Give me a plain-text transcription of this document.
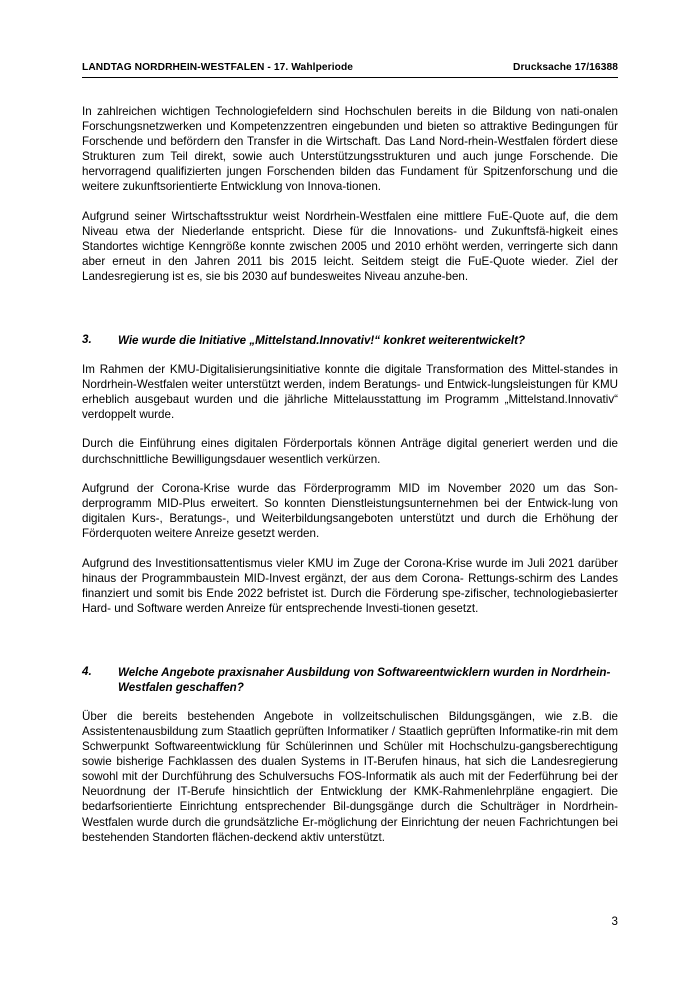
LANDTAG NORDRHEIN-WESTFALEN - 17. Wahlperiode	Drucksache 17/16388

In zahlreichen wichtigen Technologiefeldern sind Hochschulen bereits in die Bildung von nati-onalen Forschungsnetzwerken und Kompetenzzentren eingebunden und bieten so attraktive Bedingungen für Forschende und befördern den Transfer in die Wirtschaft. Das Land Nord-rhein-Westfalen fördert diese Strukturen zum Teil direkt, sowie auch Unterstützungsstrukturen und auch junge Forschende. Die hervorragend qualifizierten jungen Forschenden bilden das Fundament für Spitzenforschung und die weitere zukunftsorientierte Entwicklung von Innova-tionen.

Aufgrund seiner Wirtschaftsstruktur weist Nordrhein-Westfalen eine mittlere FuE-Quote auf, die dem Niveau etwa der Niederlande entspricht. Diese für die Innovations- und Zukunftsfä-higkeit eines Standortes wichtige Kenngröße konnte zwischen 2005 und 2010 erhöht werden, verringerte sich dann aber erneut in den Jahren 2011 bis 2015 leicht. Seitdem steigt die FuE-Quote wieder. Ziel der Landesregierung ist es, sie bis 2030 auf bundesweites Niveau anzuhe-ben.

3.	Wie wurde die Initiative „Mittelstand.Innovativ!“ konkret weiterentwickelt?

Im Rahmen der KMU-Digitalisierungsinitiative konnte die digitale Transformation des Mittel-standes in Nordrhein-Westfalen weiter unterstützt werden, indem Beratungs- und Entwick-lungsleistungen für KMU erheblich ausgebaut wurden und die jährliche Mittelausstattung im Programm „Mittelstand.Innovativ“ verdoppelt wurde.

Durch die Einführung eines digitalen Förderportals können Anträge digital generiert werden und die durchschnittliche Bewilligungsdauer wesentlich verkürzen.

Aufgrund der Corona-Krise wurde das Förderprogramm MID im November 2020 um das Son-derprogramm MID-Plus erweitert. So konnten Dienstleistungsunternehmen bei der Entwick-lung von digitalen Kurs-, Beratungs-, und Weiterbildungsangeboten unterstützt und durch die Erhöhung der Förderquoten weitere Anreize gesetzt werden.

Aufgrund des Investitionsattentismus vieler KMU im Zuge der Corona-Krise wurde im Juli 2021 darüber hinaus der Programmbaustein MID-Invest ergänzt, der aus dem Corona- Rettungs-schirm des Landes finanziert und somit bis Ende 2022 befristet ist. Durch die Förderung spe-zifischer, technologiebasierter Hard- und Software werden Anreize für entsprechende Investi-tionen gesetzt.

4.	Welche Angebote praxisnaher Ausbildung von Softwareentwicklern wurden in Nordrhein-Westfalen geschaffen?

Über die bereits bestehenden Angebote in vollzeitschulischen Bildungsgängen, wie z.B. die Assistentenausbildung zum Staatlich geprüften Informatiker / Staatlich geprüften Informatike-rin mit dem Schwerpunkt Softwareentwicklung für Schülerinnen und Schüler mit Hochschulzu-gangsberechtigung sowie bisherige Fachklassen des dualen Systems in IT-Berufen hinaus, hat sich die Landesregierung sowohl mit der Durchführung des Schulversuchs FOS-Informatik als auch mit der Federführung bei der Neuordnung der IT-Berufe hinsichtlich der Entwicklung der KMK-Rahmenlehrpläne engagiert. Die bedarfsorientierte Einrichtung entsprechender Bil-dungsgänge durch die Schulträger in Nordrhein-Westfalen wurde durch die grundsätzliche Er-möglichung der Einrichtung der neuen Fachrichtungen bei bestehenden Standorten flächen-deckend aktiv unterstützt.

3
